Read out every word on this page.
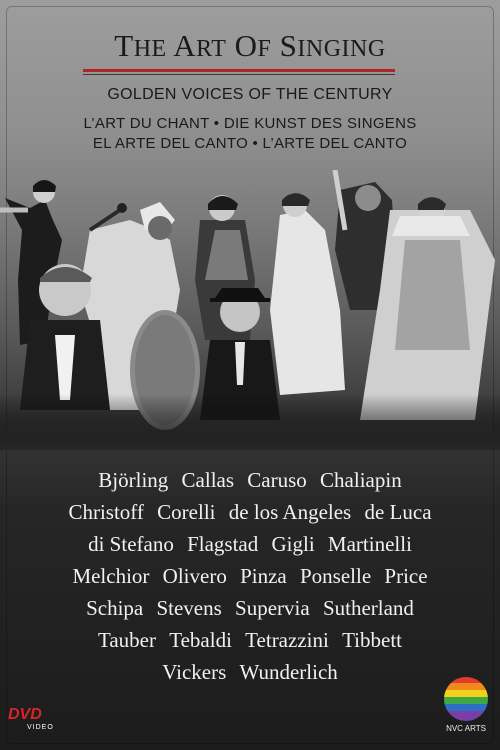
THE ART OF SINGING
GOLDEN VOICES OF THE CENTURY
L’ART DU CHANT • DIE KUNST DES SINGENS
EL ARTE DEL CANTO • L’ARTE DEL CANTO
Björling Callas Caruso Chaliapin
Christoff Corelli de los Angeles de Luca
di Stefano Flagstad Gigli Martinelli
Melchior Olivero Pinza Ponselle Price
Schipa Stevens Supervia Sutherland
Tauber Tebaldi Tetrazzini Tibbett
Vickers Wunderlich
DVD
VIDEO	NVC ARTS
